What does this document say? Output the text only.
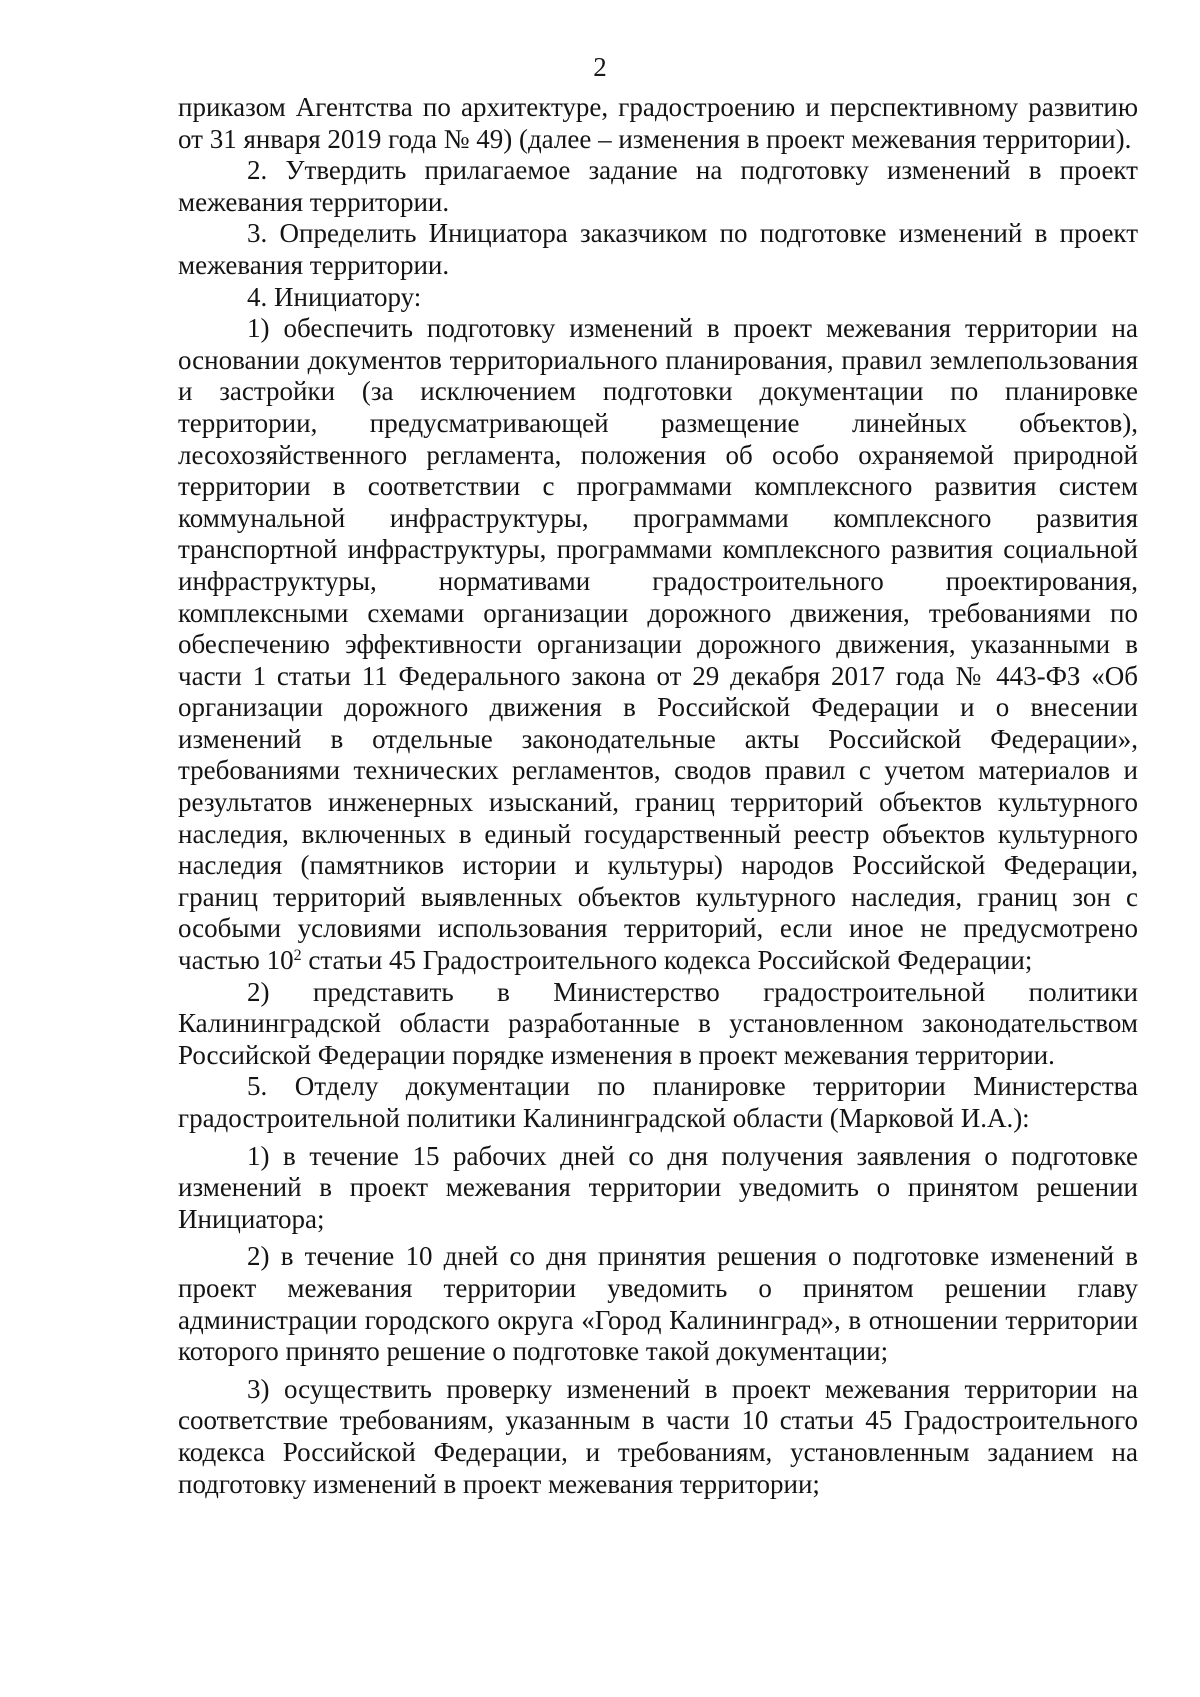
2

приказом Агентства по архитектуре, градостроению и перспективному развитию от 31 января 2019 года № 49) (далее – изменения в проект межевания территории).

2. Утвердить прилагаемое задание на подготовку изменений в проект межевания территории.

3. Определить Инициатора заказчиком по подготовке изменений в проект межевания территории.

4. Инициатору:

1) обеспечить подготовку изменений в проект межевания территории на основании документов территориального планирования, правил землепользования и застройки (за исключением подготовки документации по планировке территории, предусматривающей размещение линейных объектов), лесохозяйственного регламента, положения об особо охраняемой природной территории в соответствии с программами комплексного развития систем коммунальной инфраструктуры, программами комплексного развития транспортной инфраструктуры, программами комплексного развития социальной инфраструктуры, нормативами градостроительного проектирования, комплексными схемами организации дорожного движения, требованиями по обеспечению эффективности организации дорожного движения, указанными в части 1 статьи 11 Федерального закона от 29 декабря 2017 года № 443-ФЗ «Об организации дорожного движения в Российской Федерации и о внесении изменений в отдельные законодательные акты Российской Федерации», требованиями технических регламентов, сводов правил с учетом материалов и результатов инженерных изысканий, границ территорий объектов культурного наследия, включенных в единый государственный реестр объектов культурного наследия (памятников истории и культуры) народов Российской Федерации, границ территорий выявленных объектов культурного наследия, границ зон с особыми условиями использования территорий, если иное не предусмотрено частью $10^2$ статьи 45 Градостроительного кодекса Российской Федерации;

2) представить в Министерство градостроительной политики Калининградской области разработанные в установленном законодательством Российской Федерации порядке изменения в проект межевания территории.

5. Отделу документации по планировке территории Министерства градостроительной политики Калининградской области (Марковой И.А.):

1) в течение 15 рабочих дней со дня получения заявления о подготовке изменений в проект межевания территории уведомить о принятом решении Инициатора;

2) в течение 10 дней со дня принятия решения о подготовке изменений в проект межевания территории уведомить о принятом решении главу администрации городского округа «Город Калининград», в отношении территории которого принято решение о подготовке такой документации;

3) осуществить проверку изменений в проект межевания территории на соответствие требованиям, указанным в части 10 статьи 45 Градостроительного кодекса Российской Федерации, и требованиям, установленным заданием на подготовку изменений в проект межевания территории;
